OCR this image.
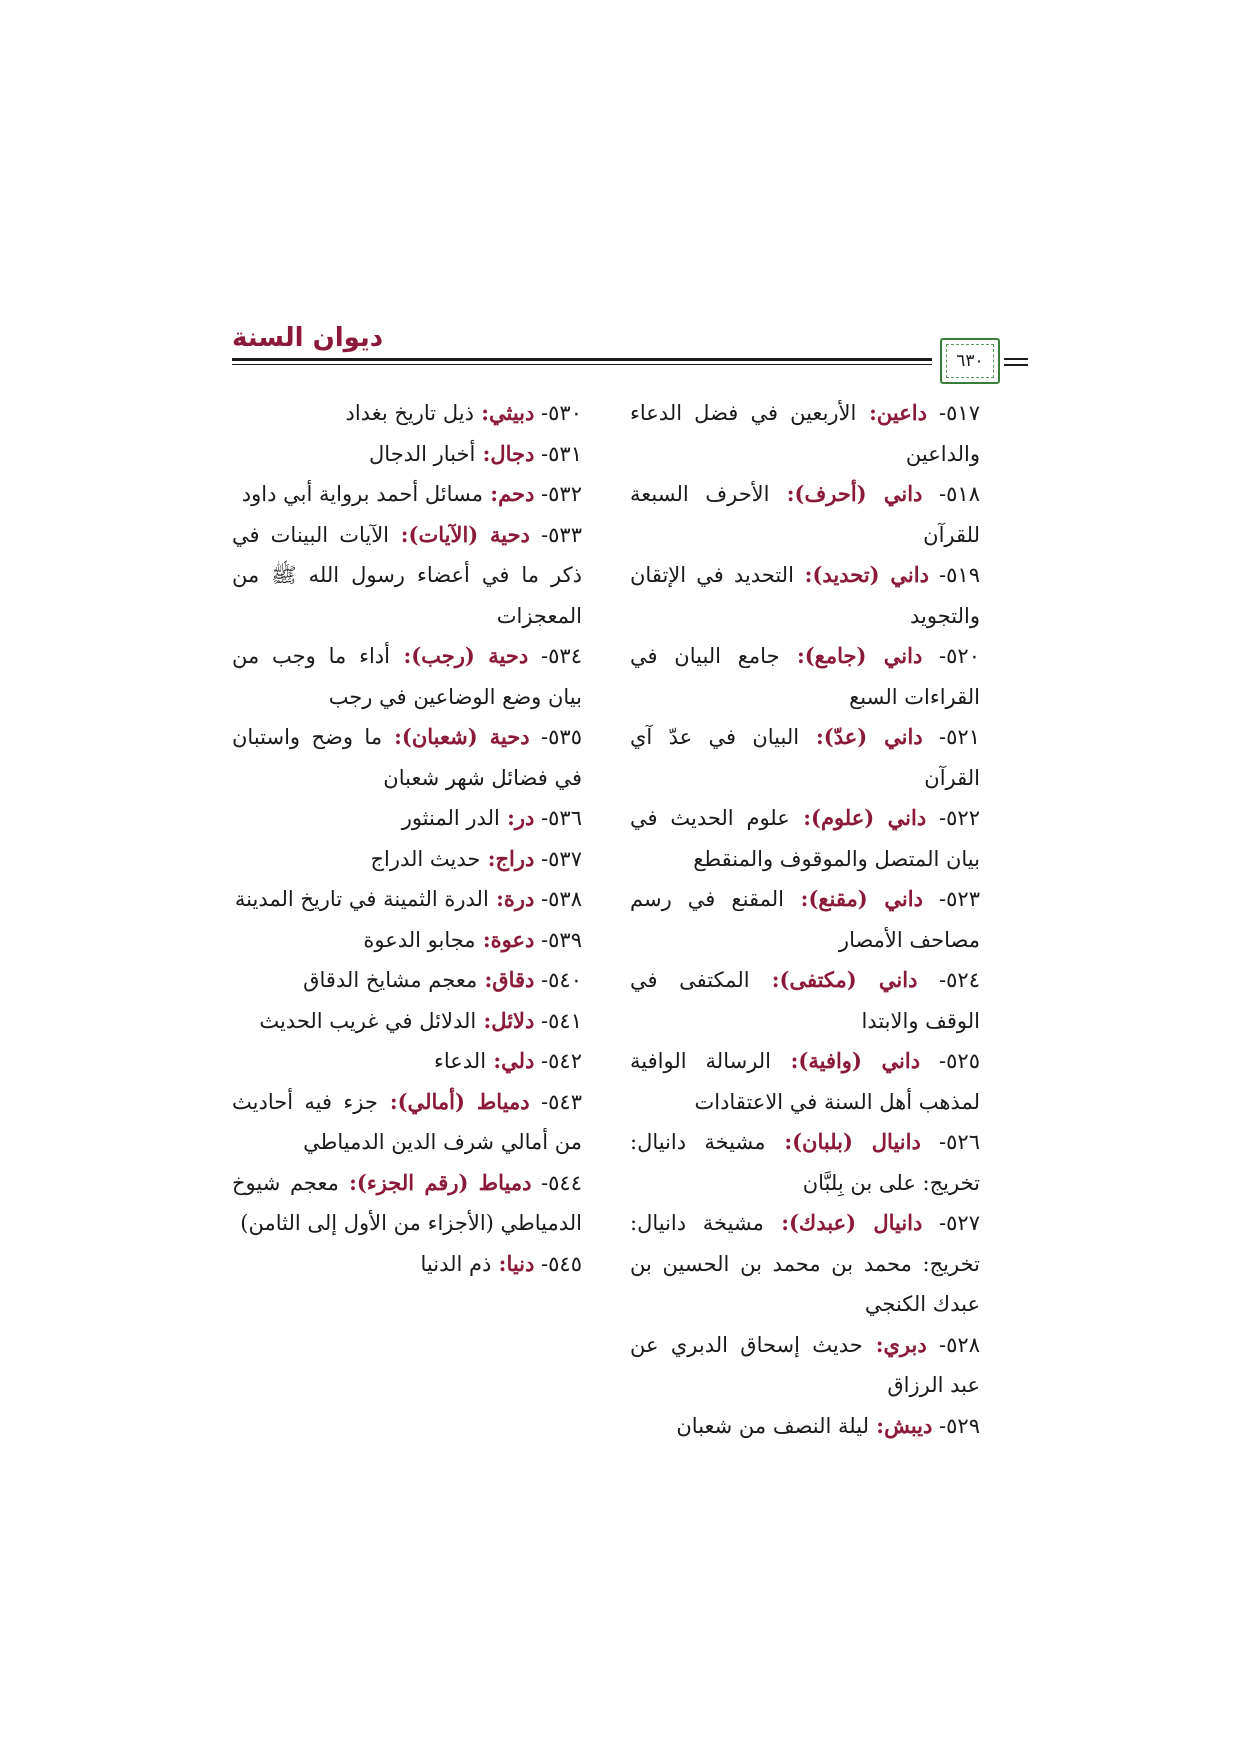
ديوان السنة
٦٣٠

٥١٧- داعين: الأربعين في فضل الدعاء والداعين

٥١٨- داني (أحرف): الأحرف السبعة للقرآن

٥١٩- داني (تحديد): التحديد في الإتقان والتجويد

٥٢٠- داني (جامع): جامع البيان في القراءات السبع

٥٢١- داني (عدّ): البيان في عدّ آي القرآن

٥٢٢- داني (علوم): علوم الحديث في بيان المتصل والموقوف والمنقطع

٥٢٣- داني (مقنع): المقنع في رسم مصاحف الأمصار

٥٢٤- داني (مكتفى): المكتفى في الوقف والابتدا

٥٢٥- داني (وافية): الرسالة الوافية لمذهب أهل السنة في الاعتقادات

٥٢٦- دانيال (بلبان): مشيخة دانيال: تخريج: على بن بِلبَّان

٥٢٧- دانيال (عبدك): مشيخة دانيال: تخريج: محمد بن محمد بن الحسين بن عبدك الكنجي

٥٢٨- دبري: حديث إسحاق الدبري عن عبد الرزاق

٥٢٩- ديبش: ليلة النصف من شعبان

٥٣٠- دبيثي: ذيل تاريخ بغداد

٥٣١- دجال: أخبار الدجال

٥٣٢- دحم: مسائل أحمد برواية أبي داود

٥٣٣- دحية (الآيات): الآيات البينات في ذكر ما في أعضاء رسول الله ﷺ من المعجزات

٥٣٤- دحية (رجب): أداء ما وجب من بيان وضع الوضاعين في رجب

٥٣٥- دحية (شعبان): ما وضح واستبان في فضائل شهر شعبان

٥٣٦- در: الدر المنثور

٥٣٧- دراج: حديث الدراج

٥٣٨- درة: الدرة الثمينة في تاريخ المدينة

٥٣٩- دعوة: مجابو الدعوة

٥٤٠- دقاق: معجم مشايخ الدقاق

٥٤١- دلائل: الدلائل في غريب الحديث

٥٤٢- دلي: الدعاء

٥٤٣- دمياط (أمالي): جزء فيه أحاديث من أمالي شرف الدين الدمياطي

٥٤٤- دمياط (رقم الجزء): معجم شيوخ الدمياطي (الأجزاء من الأول إلى الثامن)

٥٤٥- دنيا: ذم الدنيا
